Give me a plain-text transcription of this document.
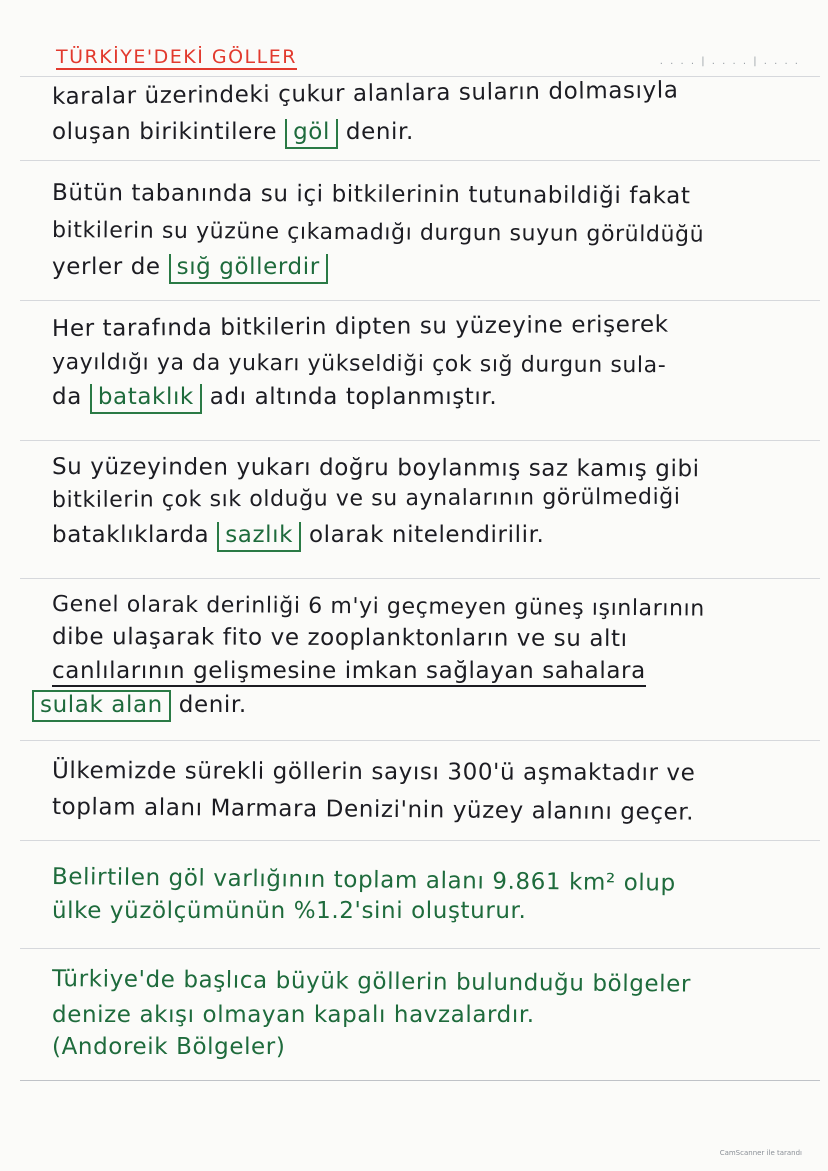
. . . . | . . . . | . . . .
TÜRKİYE'DEKİ GÖLLER
karalar üzerindeki çukur alanlara suların dolmasıyla
oluşan birikintilere göl denir.
Bütün tabanında su içi bitkilerinin tutunabildiği fakat
bitkilerin su yüzüne çıkamadığı durgun suyun görüldüğü
yerler de sığ göllerdir
Her tarafında bitkilerin dipten su yüzeyine erişerek
yayıldığı ya da yukarı yükseldiği çok sığ durgun sula-
da bataklık adı altında toplanmıştır.
Su yüzeyinden yukarı doğru boylanmış saz kamış gibi
bitkilerin çok sık olduğu ve su aynalarının görülmediği
bataklıklarda sazlık olarak nitelendirilir.
Genel olarak derinliği 6 m'yi geçmeyen güneş ışınlarının
dibe ulaşarak fito ve zooplanktonların ve su altı
canlılarının gelişmesine imkan sağlayan sahalara
sulak alan denir.
Ülkemizde sürekli göllerin sayısı 300'ü aşmaktadır ve
toplam alanı Marmara Denizi'nin yüzey alanını geçer.
Belirtilen göl varlığının toplam alanı 9.861 km² olup
ülke yüzölçümünün %1.2'sini oluşturur.
Türkiye'de başlıca büyük göllerin bulunduğu bölgeler
denize akışı olmayan kapalı havzalardır.
(Andoreik Bölgeler)
CamScanner ile tarandı
